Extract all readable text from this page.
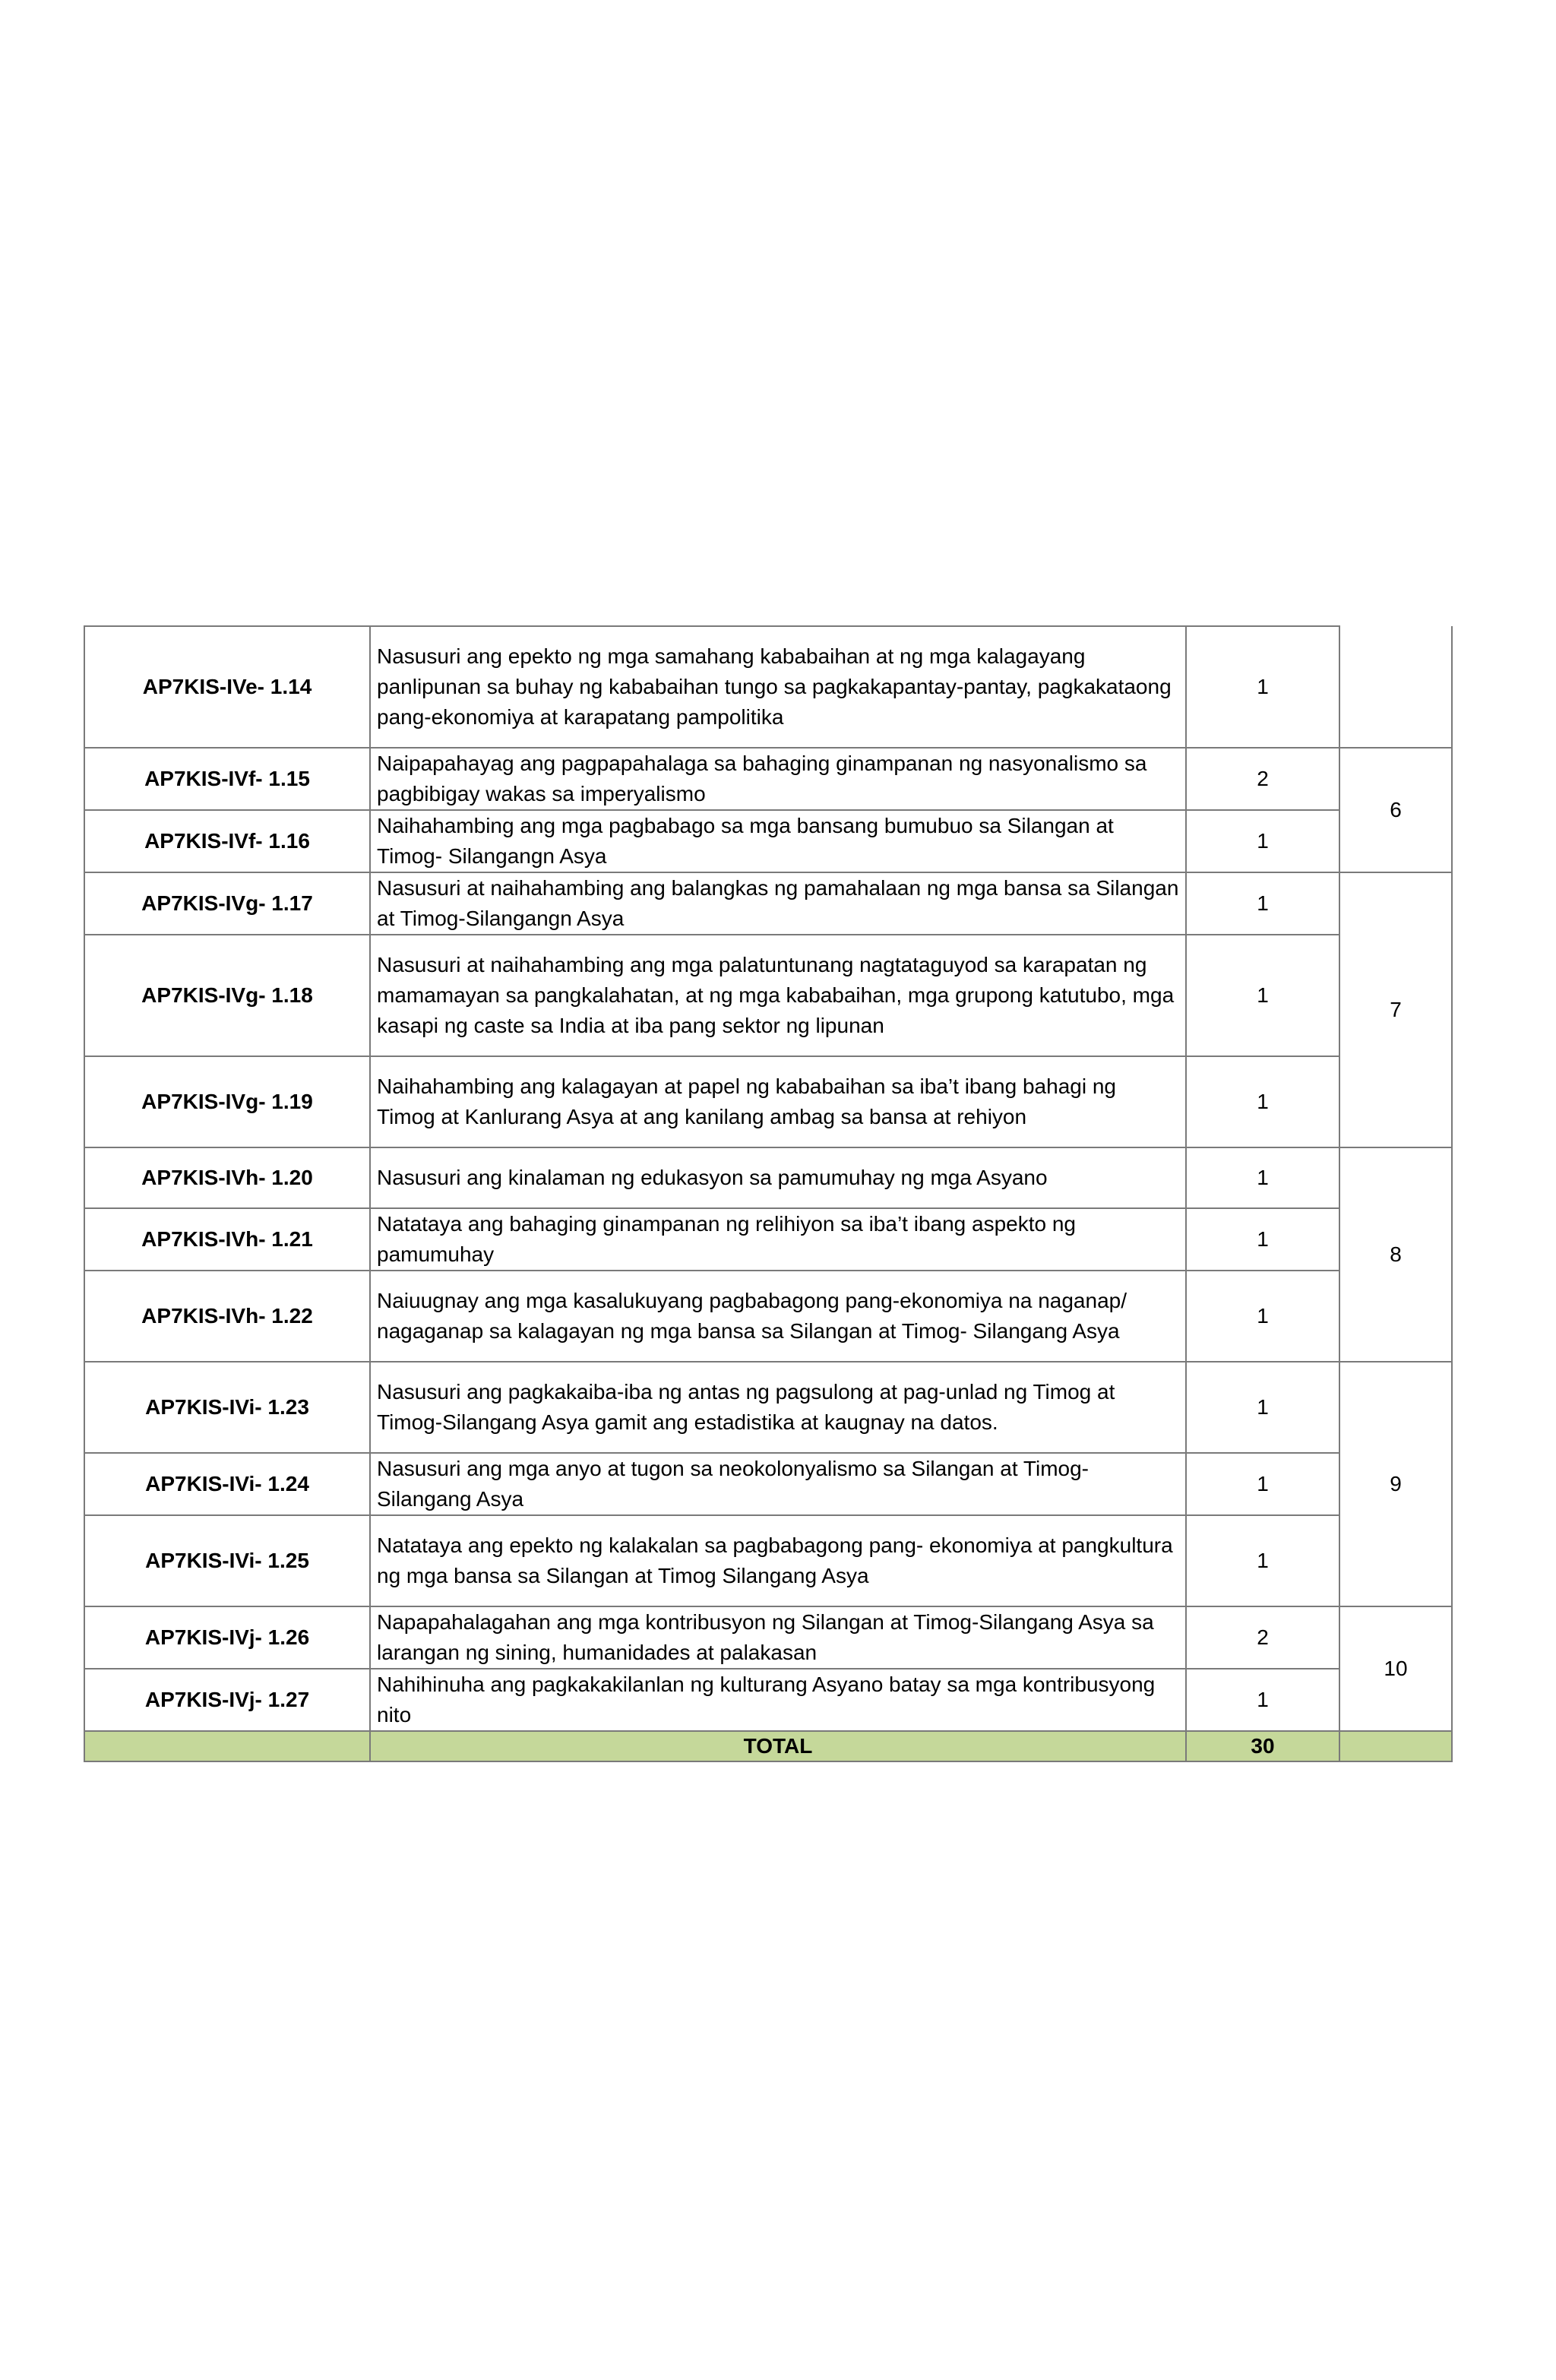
AP7KIS-IVe- 1.14	Nasusuri ang epekto ng mga samahang kababaihan at ng mga kalagayang panlipunan sa buhay ng kababaihan tungo sa pagkakapantay-pantay, pagkakataong pang-ekonomiya at karapatang pampolitika	1	
AP7KIS-IVf- 1.15	Naipapahayag ang pagpapahalaga sa bahaging ginampanan ng nasyonalismo sa pagbibigay wakas sa imperyalismo	2	6
AP7KIS-IVf- 1.16	Naihahambing ang mga pagbabago sa mga bansang bumubuo sa Silangan at Timog- Silangangn Asya	1	
AP7KIS-IVg- 1.17	Nasusuri at naihahambing ang balangkas ng pamahalaan ng mga bansa sa Silangan at Timog-Silangangn Asya	1	7
AP7KIS-IVg- 1.18	Nasusuri at naihahambing ang mga palatuntunang nagtataguyod sa karapatan ng mamamayan sa pangkalahatan, at ng mga kababaihan, mga grupong katutubo, mga kasapi ng caste sa India at iba pang sektor ng lipunan	1	
AP7KIS-IVg- 1.19	Naihahambing ang kalagayan at papel ng kababaihan sa iba’t ibang bahagi ng Timog at Kanlurang Asya at ang kanilang ambag sa bansa at rehiyon	1	
AP7KIS-IVh- 1.20	Nasusuri ang kinalaman ng edukasyon sa pamumuhay ng mga Asyano	1	8
AP7KIS-IVh- 1.21	Natataya ang bahaging ginampanan ng relihiyon sa iba’t ibang aspekto ng pamumuhay	1	
AP7KIS-IVh- 1.22	Naiuugnay ang mga kasalukuyang pagbabagong pang-ekonomiya na naganap/ nagaganap sa kalagayan ng mga bansa sa Silangan at Timog- Silangang Asya	1	
AP7KIS-IVi- 1.23	Nasusuri ang pagkakaiba-iba ng antas ng pagsulong at pag-unlad ng Timog at Timog-Silangang Asya gamit ang estadistika at kaugnay na datos.	1	9
AP7KIS-IVi- 1.24	Nasusuri ang mga anyo at tugon sa neokolonyalismo sa Silangan at Timog-Silangang Asya	1	
AP7KIS-IVi- 1.25	Natataya ang epekto ng kalakalan sa pagbabagong pang- ekonomiya at pangkultura ng mga bansa sa Silangan at Timog Silangang Asya	1	
AP7KIS-IVj- 1.26	Napapahalagahan ang mga kontribusyon ng Silangan at Timog-Silangang Asya sa larangan ng sining, humanidades at palakasan	2	10
AP7KIS-IVj- 1.27	Nahihinuha ang pagkakakilanlan ng kulturang Asyano batay sa mga kontribusyong nito	1	
	TOTAL	30	
